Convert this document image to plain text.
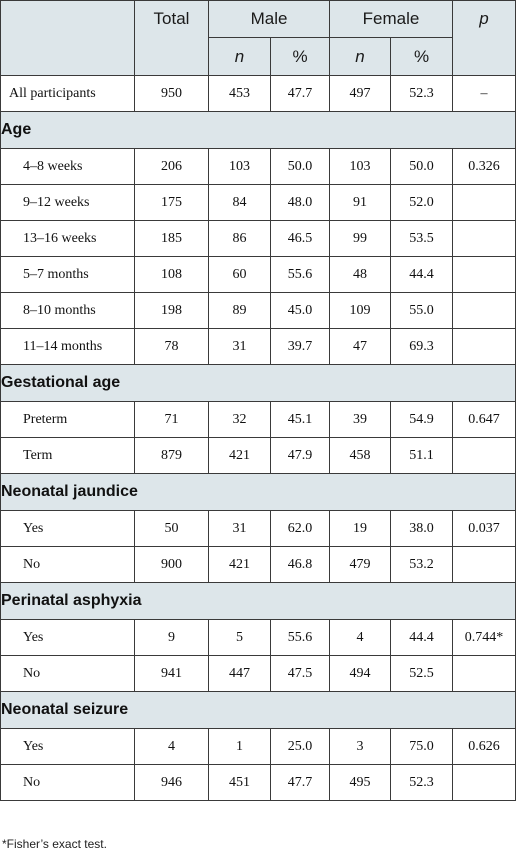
	Total	Male		Female		p
		n	%	n	%	
All participants	950	453	47.7	497	52.3	–
Age						
4–8 weeks	206	103	50.0	103	50.0	0.326
9–12 weeks	175	84	48.0	91	52.0	
13–16 weeks	185	86	46.5	99	53.5	
5–7 months	108	60	55.6	48	44.4	
8–10 months	198	89	45.0	109	55.0	
11–14 months	78	31	39.7	47	69.3	
Gestational age						
Preterm	71	32	45.1	39	54.9	0.647
Term	879	421	47.9	458	51.1	
Neonatal jaundice						
Yes	50	31	62.0	19	38.0	0.037
No	900	421	46.8	479	53.2	
Perinatal asphyxia						
Yes	9	5	55.6	4	44.4	0.744*
No	941	447	47.5	494	52.5	
Neonatal seizure						
Yes	4	1	25.0	3	75.0	0.626
No	946	451	47.7	495	52.3	
*Fisher’s exact test.
